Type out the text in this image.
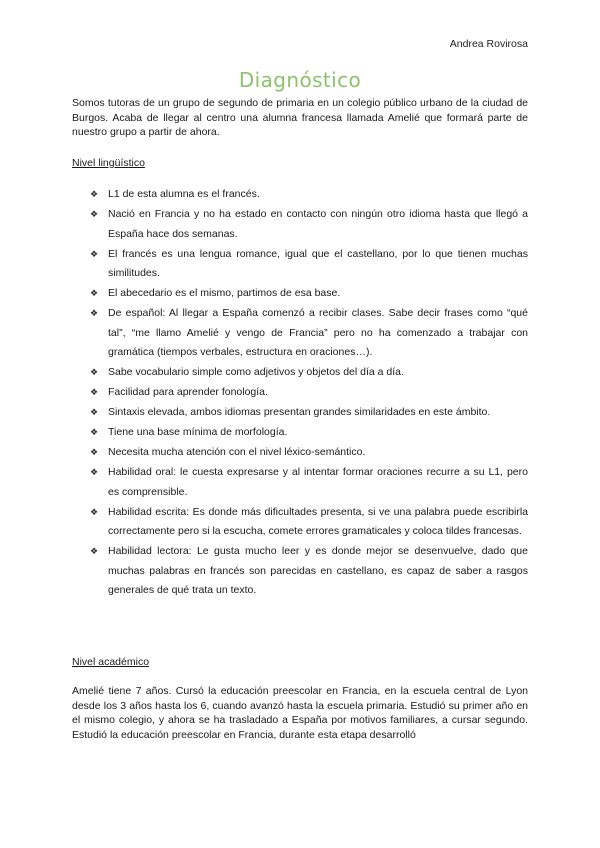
Andrea Rovirosa
Diagnóstico
Somos tutoras de un grupo de segundo de primaria en un colegio público urbano de la ciudad de Burgos. Acaba de llegar al centro una alumna francesa llamada Amelié que formará parte de nuestro grupo a partir de ahora.
Nivel lingüístico
❖ L1 de esta alumna es el francés.
❖ Nació en Francia y no ha estado en contacto con ningún otro idioma hasta que llegó a España hace dos semanas.
❖ El francés es una lengua romance, igual que el castellano, por lo que tienen muchas similitudes.
❖ El abecedario es el mismo, partimos de esa base.
❖ De español: Al llegar a España comenzó a recibir clases. Sabe decir frases como “qué tal”, “me llamo Amelié y vengo de Francia” pero no ha comenzado a trabajar con gramática (tiempos verbales, estructura en oraciones…).
❖ Sabe vocabulario simple como adjetivos y objetos del día a día.
❖ Facilidad para aprender fonología.
❖ Sintaxis elevada, ambos idiomas presentan grandes similaridades en este ámbito.
❖ Tiene una base mínima de morfología.
❖ Necesita mucha atención con el nivel léxico-semántico.
❖ Habilidad oral: le cuesta expresarse y al intentar formar oraciones recurre a su L1, pero es comprensible.
❖ Habilidad escrita: Es donde más dificultades presenta, si ve una palabra puede escribirla correctamente pero si la escucha, comete errores gramaticales y coloca tildes francesas.
❖ Habilidad lectora: Le gusta mucho leer y es donde mejor se desenvuelve, dado que muchas palabras en francés son parecidas en castellano, es capaz de saber a rasgos generales de qué trata un texto.
Nivel académico
Amelié tiene 7 años. Cursó la educación preescolar en Francia, en la escuela central de Lyon desde los 3 años hasta los 6, cuando avanzó hasta la escuela primaria. Estudió su primer año en el mismo colegio, y ahora se ha trasladado a España por motivos familiares, a cursar segundo. Estudió la educación preescolar en Francia, durante esta etapa desarrolló
